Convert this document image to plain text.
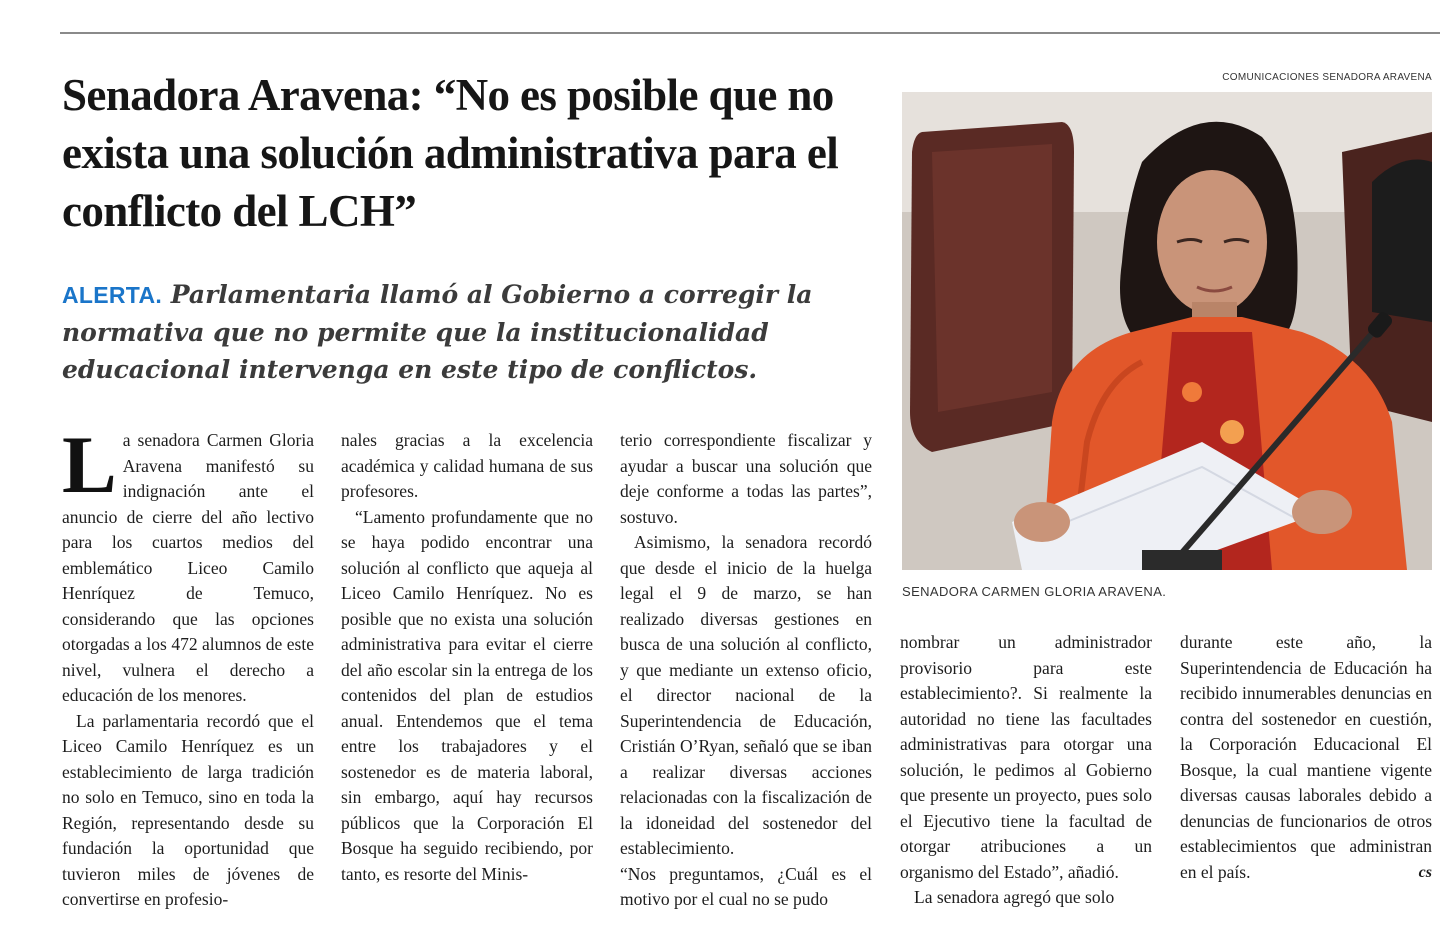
Senadora Aravena: “No es posible que no exista una solución administrativa para el conflicto del LCH”

ALERTA. Parlamentaria llamó al Gobierno a corregir la normativa que no permite que la institucionalidad educacional intervenga en este tipo de conflictos.

COMUNICACIONES SENADORA ARAVENA
SENADORA CARMEN GLORIA ARAVENA.
L a senadora Carmen Gloria Aravena manifestó su indignación ante el anuncio de cierre del año lectivo para los cuartos medios del emblemático Liceo Camilo Henríquez de Temuco, considerando que las opciones otorgadas a los 472 alumnos de este nivel, vulnera el derecho a educación de los menores.

La parlamentaria recordó que el Liceo Camilo Henríquez es un establecimiento de larga tradición no solo en Temuco, sino en toda la Región, representando desde su fundación la oportunidad que tuvieron miles de jóvenes de convertirse en profesio-

nales gracias a la excelencia académica y calidad humana de sus profesores.

“Lamento profundamente que no se haya podido encontrar una solución al conflicto que aqueja al Liceo Camilo Henríquez. No es posible que no exista una solución administrativa para evitar el cierre del año escolar sin la entrega de los contenidos del plan de estudios anual. Entendemos que el tema entre los trabajadores y el sostenedor es de materia laboral, sin embargo, aquí hay recursos públicos que la Corporación El Bosque ha seguido recibiendo, por tanto, es resorte del Minis-

terio correspondiente fiscalizar y ayudar a buscar una solución que deje conforme a todas las partes”, sostuvo.

Asimismo, la senadora recordó que desde el inicio de la huelga legal el 9 de marzo, se han realizado diversas gestiones en busca de una solución al conflicto, y que mediante un extenso oficio, el director nacional de la Superintendencia de Educación, Cristián O’Ryan, señaló que se iban a realizar diversas acciones relacionadas con la fiscalización de la idoneidad del sostenedor del establecimiento.

“Nos preguntamos, ¿Cuál es el motivo por el cual no se pudo

nombrar un administrador provisorio para este establecimiento?. Si realmente la autoridad no tiene las facultades administrativas para otorgar una solución, le pedimos al Gobierno que presente un proyecto, pues solo el Ejecutivo tiene la facultad de otorgar atribuciones a un organismo del Estado”, añadió.

La senadora agregó que solo

durante este año, la Superintendencia de Educación ha recibido innumerables denuncias en contra del sostenedor en cuestión, la Corporación Educacional El Bosque, la cual mantiene vigente diversas causas laborales debido a denuncias de funcionarios de otros establecimientos que administran en el país.	cs
